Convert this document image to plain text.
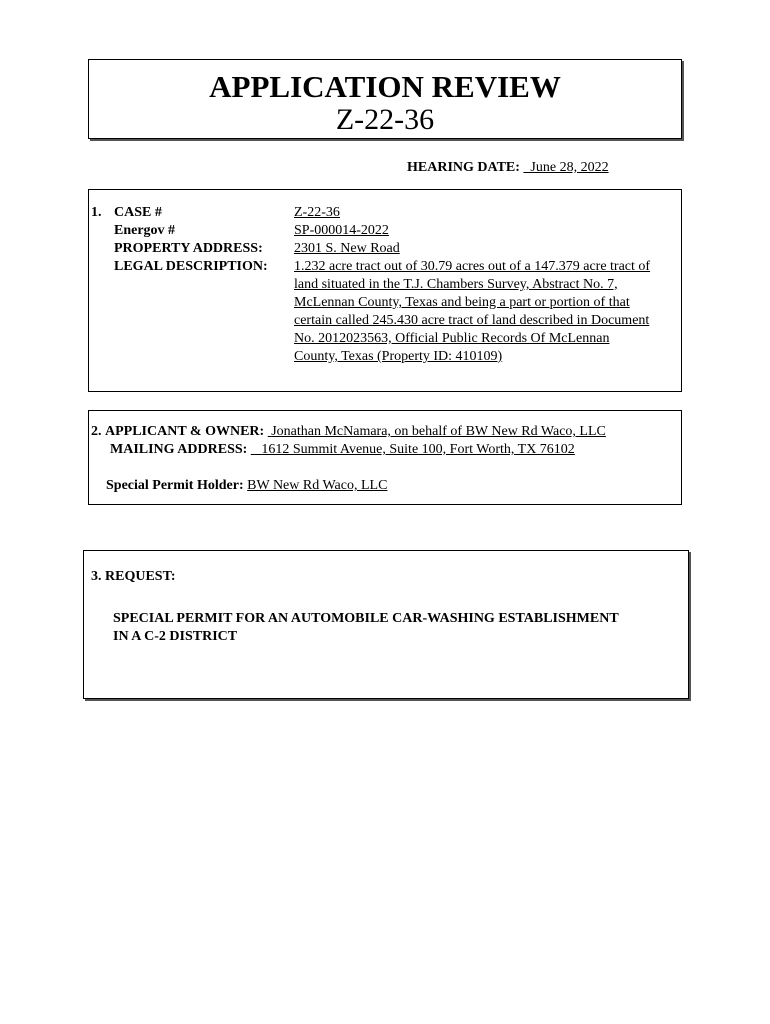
APPLICATION REVIEW
Z-22-36
HEARING DATE: June 28, 2022
1. CASE #	Z-22-36
Energov #	SP-000014-2022
PROPERTY ADDRESS: 2301 S. New Road
LEGAL DESCRIPTION: 1.232 acre tract out of 30.79 acres out of a 147.379 acre tract of
land situated in the T.J. Chambers Survey, Abstract No. 7,
McLennan County, Texas and being a part or portion of that
certain called 245.430 acre tract of land described in Document
No. 2012023563, Official Public Records Of McLennan
County, Texas (Property ID: 410109)
2. APPLICANT & OWNER: Jonathan McNamara, on behalf of BW New Rd Waco, LLC
MAILING ADDRESS: 1612 Summit Avenue, Suite 100, Fort Worth, TX 76102
Special Permit Holder: BW New Rd Waco, LLC
3. REQUEST:
SPECIAL PERMIT FOR AN AUTOMOBILE CAR-WASHING ESTABLISHMENT
IN A C-2 DISTRICT
